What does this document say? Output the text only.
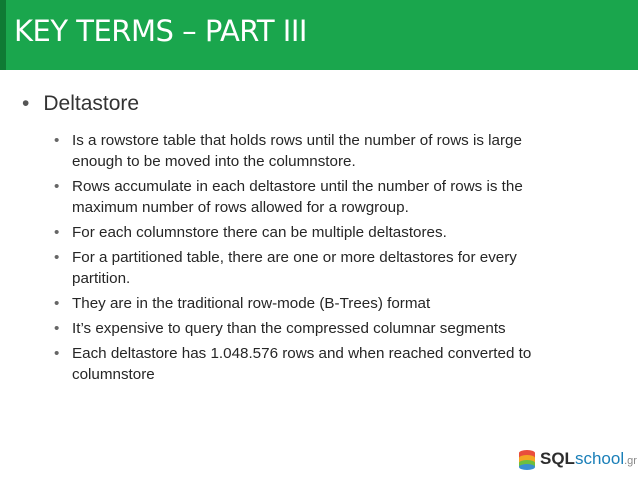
KEY TERMS – PART III
• Deltastore
• Is a rowstore table that holds rows until the number of rows is large enough to be moved into the columnstore.
• Rows accumulate in each deltastore until the number of rows is the maximum number of rows allowed for a rowgroup.
• For each columnstore there can be multiple deltastores.
• For a partitioned table, there are one or more deltastores for every partition.
• They are in the traditional row-mode (B-Trees) format
• It’s expensive to query than the compressed columnar segments
• Each deltastore has 1.048.576 rows and when reached converted to columnstore
SQLschool.gr
